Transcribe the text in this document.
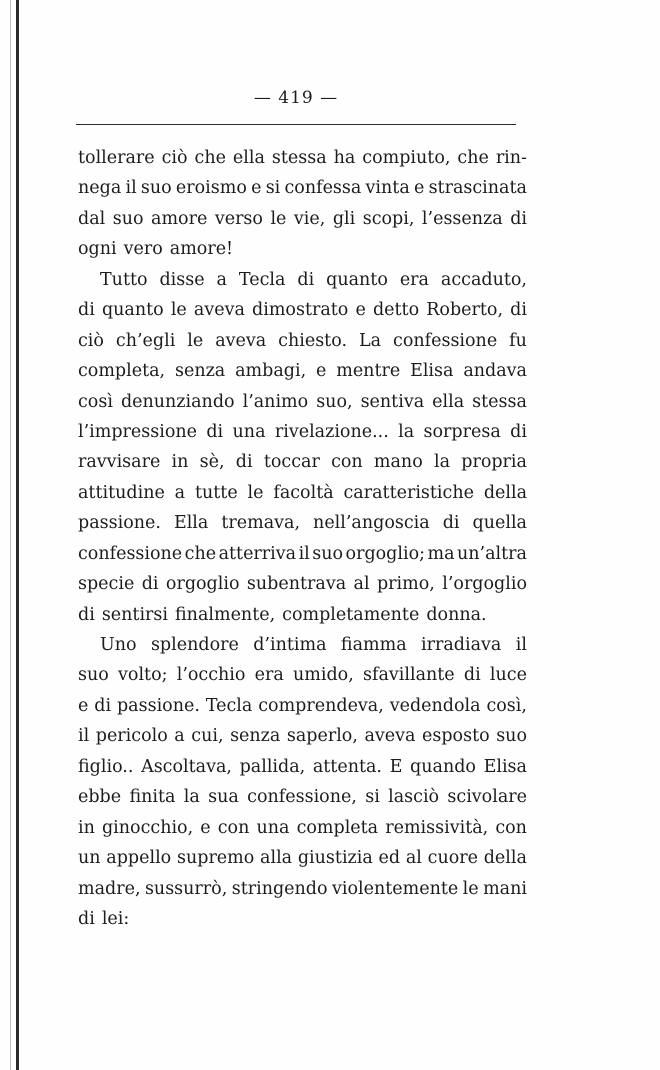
— 419 —
tollerare ciò che ella stessa ha compiuto, che rin-
nega il suo eroismo e si confessa vinta e strascinata
dal suo amore verso le vie, gli scopi, l’essenza di
ogni vero amore!
Tutto disse a Tecla di quanto era accaduto,
di quanto le aveva dimostrato e detto Roberto, di
ciò ch’egli le aveva chiesto. La confessione fu
completa, senza ambagi, e mentre Elisa andava
così denunziando l’animo suo, sentiva ella stessa
l’impressione di una rivelazione... la sorpresa di
ravvisare in sè, di toccar con mano la propria
attitudine a tutte le facoltà caratteristiche della
passione. Ella tremava, nell’angoscia di quella
confessione che atterriva il suo orgoglio; ma un’altra
specie di orgoglio subentrava al primo, l’orgoglio
di sentirsi finalmente, completamente donna.
Uno splendore d’intima fiamma irradiava il
suo volto; l’occhio era umido, sfavillante di luce
e di passione. Tecla comprendeva, vedendola così,
il pericolo a cui, senza saperlo, aveva esposto suo
figlio.. Ascoltava, pallida, attenta. E quando Elisa
ebbe finita la sua confessione, si lasciò scivolare
in ginocchio, e con una completa remissività, con
un appello supremo alla giustizia ed al cuore della
madre, sussurrò, stringendo violentemente le mani
di lei:
